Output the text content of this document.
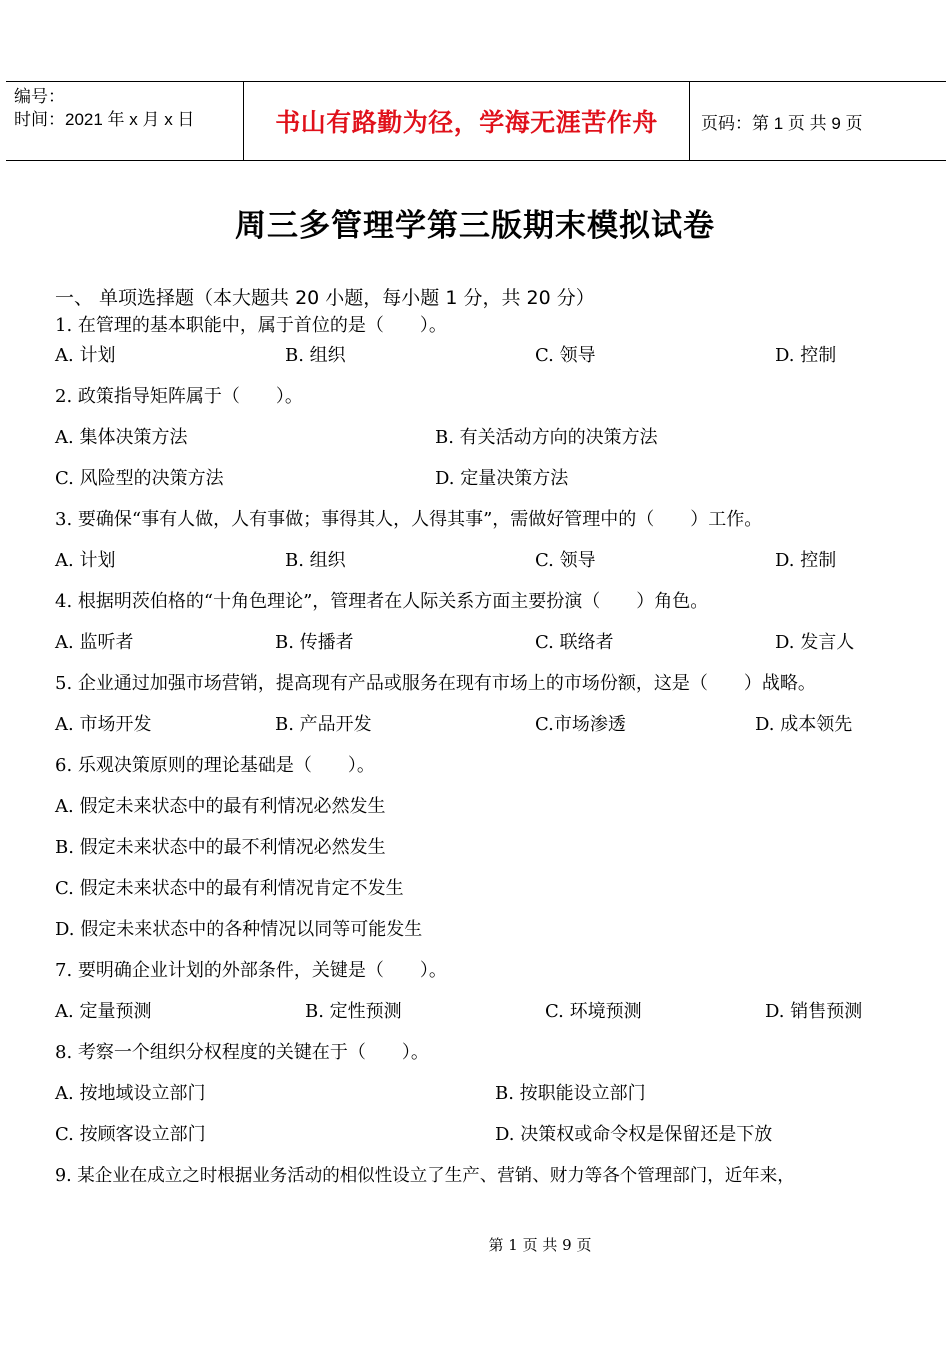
编号：
时间：2021 年 x 月 x 日	书山有路勤为径，学海无涯苦作舟	页码：第 1 页 共 9 页
周三多管理学第三版期末模拟试卷
一、 单项选择题（本大题共 20 小题，每小题 1 分，共 20 分）
1. 在管理的基本职能中，属于首位的是（　　）。
A. 计划	B. 组织	C. 领导	D. 控制
2. 政策指导矩阵属于（　　）。
A. 集体决策方法	B. 有关活动方向的决策方法
C. 风险型的决策方法	D. 定量决策方法
3. 要确保“事有人做，人有事做；事得其人，人得其事”，需做好管理中的（　　）工作。
A. 计划	B. 组织	C. 领导	D. 控制
4. 根据明茨伯格的“十角色理论”，管理者在人际关系方面主要扮演（　　）角色。
A. 监听者	B. 传播者	C. 联络者	D. 发言人
5. 企业通过加强市场营销，提高现有产品或服务在现有市场上的市场份额，这是（　　）战略。
A. 市场开发	B. 产品开发	C.市场渗透	D. 成本领先
6. 乐观决策原则的理论基础是（　　）。
A. 假定未来状态中的最有利情况必然发生
B. 假定未来状态中的最不利情况必然发生
C. 假定未来状态中的最有利情况肯定不发生
D. 假定未来状态中的各种情况以同等可能发生
7. 要明确企业计划的外部条件，关键是（　　）。
A. 定量预测	B. 定性预测	C. 环境预测	D. 销售预测
8. 考察一个组织分权程度的关键在于（　　）。
A. 按地域设立部门	B. 按职能设立部门
C. 按顾客设立部门	D. 决策权或命令权是保留还是下放
9. 某企业在成立之时根据业务活动的相似性设立了生产、营销、财力等各个管理部门，近年来，
第 1 页 共 9 页
